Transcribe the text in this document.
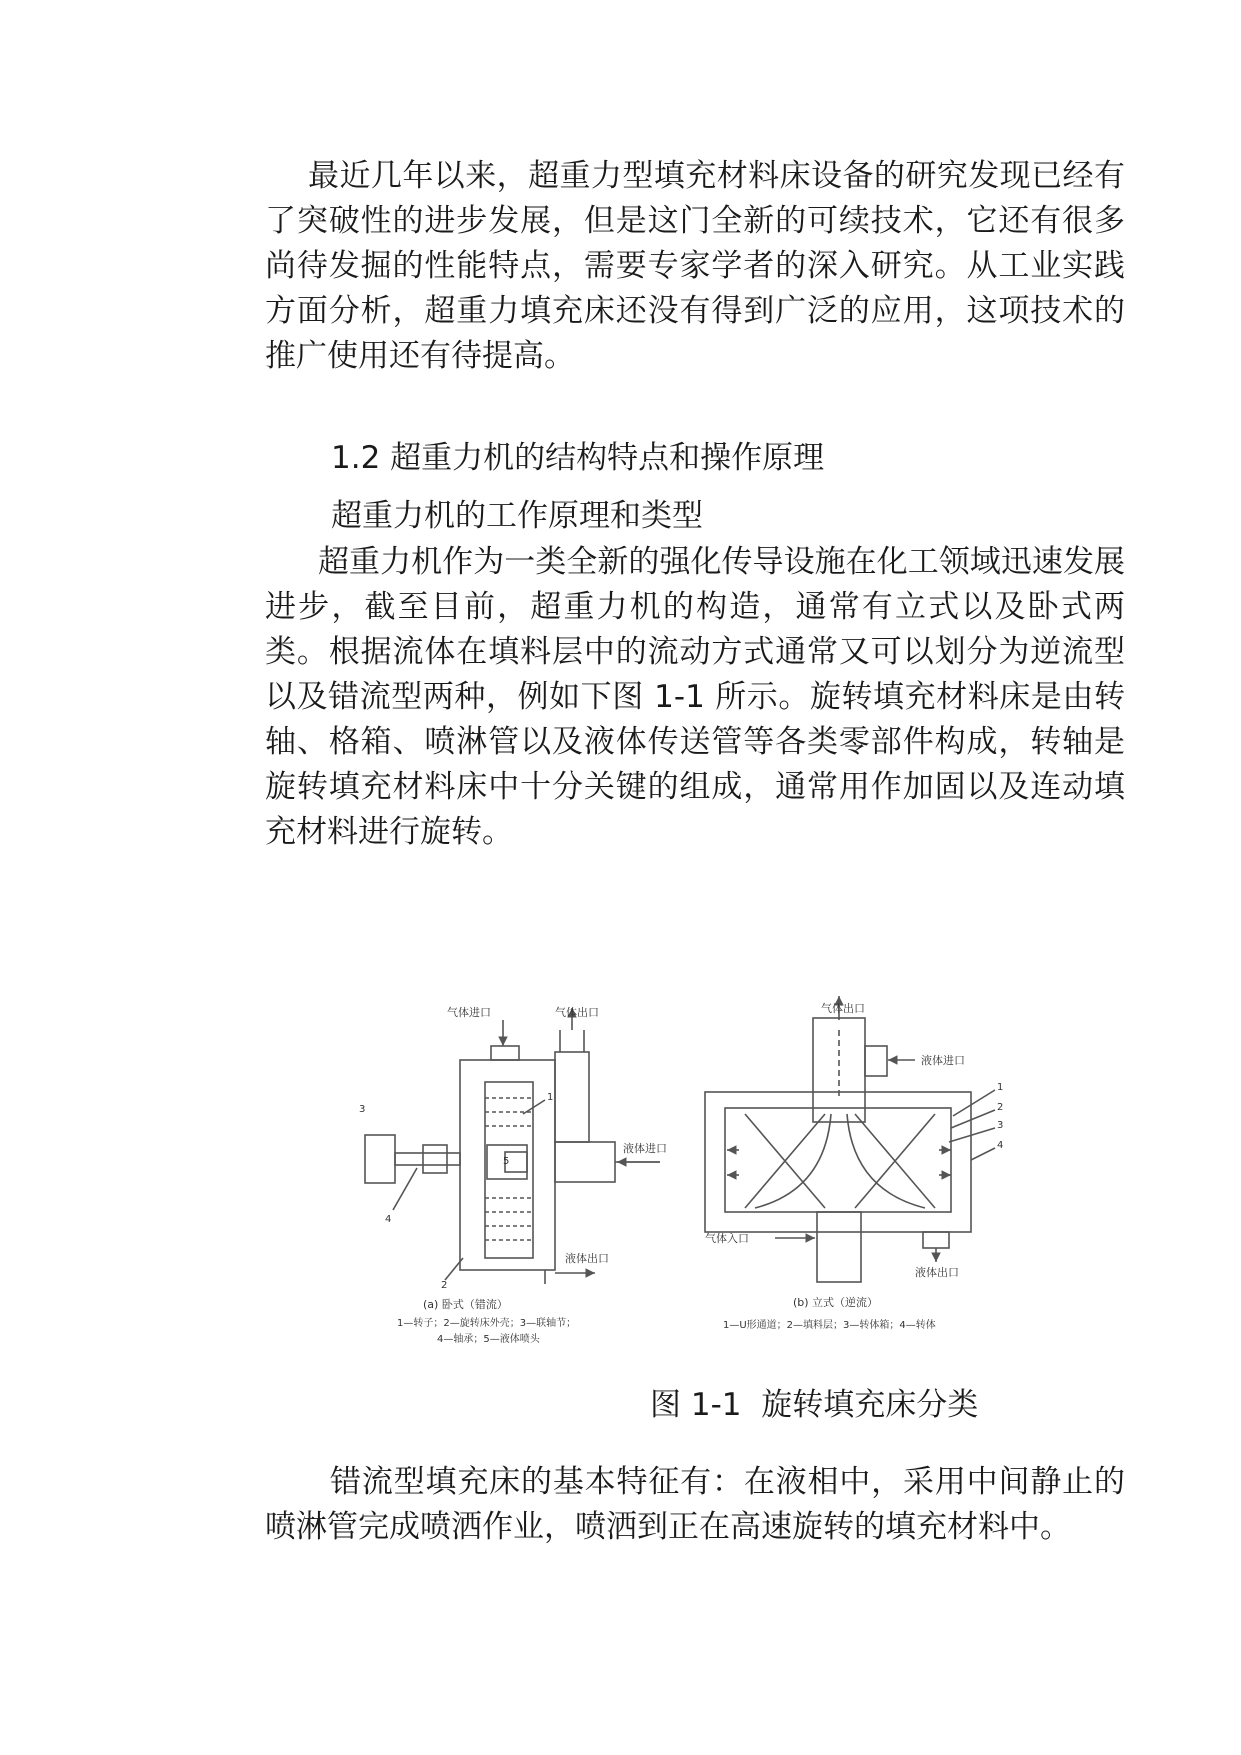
最近几年以来，超重力型填充材料床设备的研究发现已经有了突破性的进步发展，但是这门全新的可续技术，它还有很多尚待发掘的性能特点，需要专家学者的深入研究。从工业实践方面分析，超重力填充床还没有得到广泛的应用，这项技术的推广使用还有待提高。

1.2 超重力机的结构特点和操作原理
超重力机的工作原理和类型

超重力机作为一类全新的强化传导设施在化工领域迅速发展进步，截至目前，超重力机的构造，通常有立式以及卧式两类。根据流体在填料层中的流动方式通常又可以划分为逆流型以及错流型两种，例如下图 1-1 所示。旋转填充材料床是由转轴、格箱、喷淋管以及液体传送管等各类零部件构成，转轴是旋转填充材料床中十分关键的组成，通常用作加固以及连动填充材料进行旋转。

气体进口	气体出口
液体进口
液体出口
1
2
3
4
5
(a) 卧式（错流）
1—转子；2—旋转床外壳；3—联轴节；
4—轴承；5—液体喷头
气体出口
液体进口
气体入口
液体出口
1
2
3
4
(b) 立式（逆流）
1—U形通道；2—填料层；3—转体箱；4—转体

图 1-1  旋转填充床分类

错流型填充床的基本特征有：在液相中，采用中间静止的喷淋管完成喷洒作业，喷洒到正在高速旋转的填充材料中。
